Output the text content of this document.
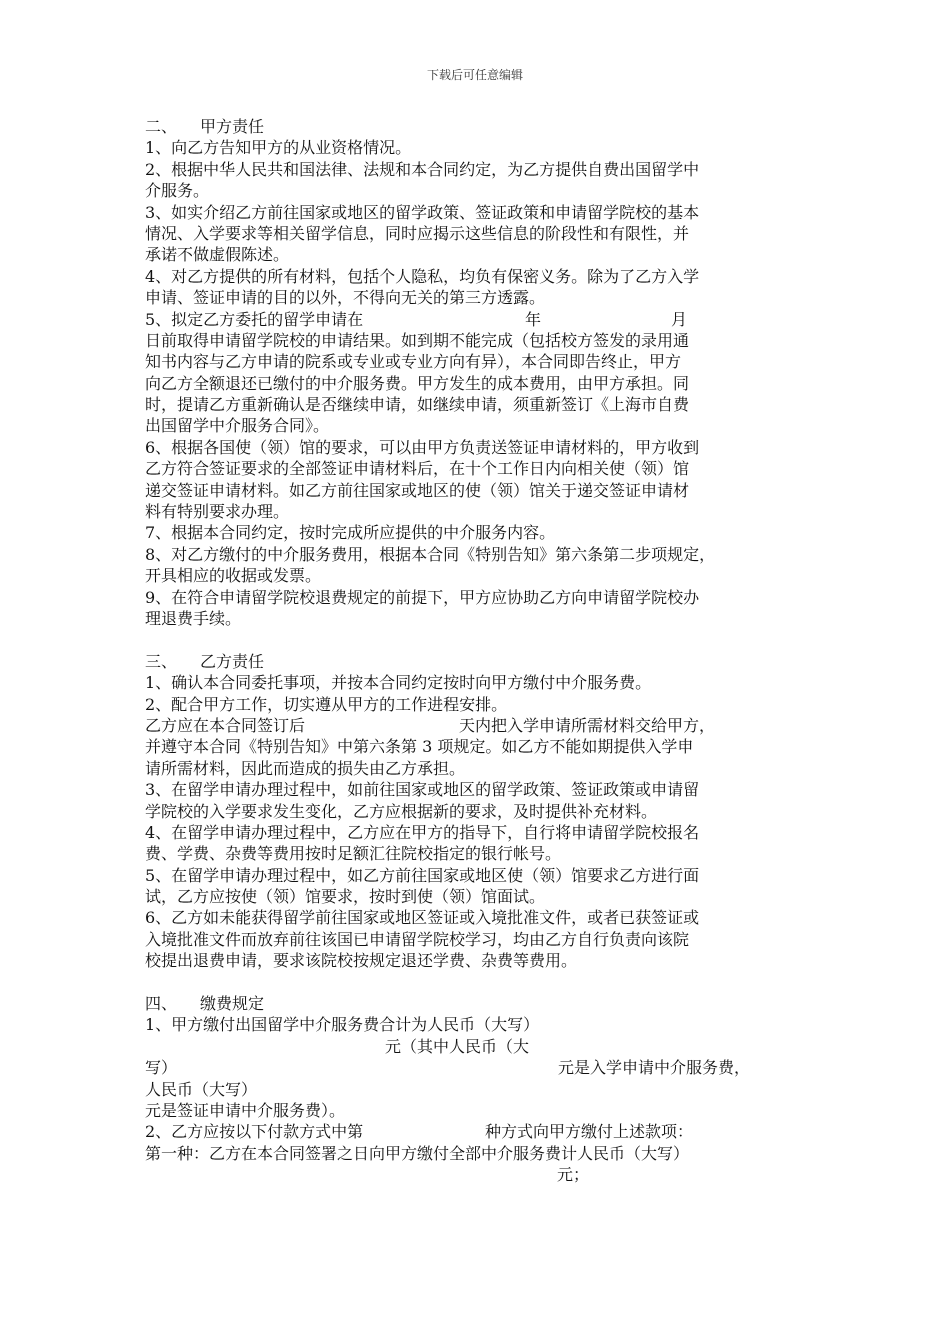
下载后可任意编辑
二、 甲方责任
1、向乙方告知甲方的从业资格情况。
2、根据中华人民共和国法律、法规和本合同约定，为乙方提供自费出国留学中
介服务。
3、如实介绍乙方前往国家或地区的留学政策、签证政策和申请留学院校的基本
情况、入学要求等相关留学信息，同时应揭示这些信息的阶段性和有限性，并
承诺不做虚假陈述。
4、对乙方提供的所有材料，包括个人隐私，均负有保密义务。除为了乙方入学
申请、签证申请的目的以外，不得向无关的第三方透露。
5、拟定乙方委托的留学申请在	年	月
日前取得申请留学院校的申请结果。如到期不能完成（包括校方签发的录用通
知书内容与乙方申请的院系或专业或专业方向有异），本合同即告终止，甲方
向乙方全额退还已缴付的中介服务费。甲方发生的成本费用，由甲方承担。同
时，提请乙方重新确认是否继续申请，如继续申请，须重新签订《上海市自费
出国留学中介服务合同》。
6、根据各国使（领）馆的要求，可以由甲方负责送签证申请材料的，甲方收到
乙方符合签证要求的全部签证申请材料后，在十个工作日内向相关使（领）馆
递交签证申请材料。如乙方前往国家或地区的使（领）馆关于递交签证申请材
料有特别要求办理。
7、根据本合同约定，按时完成所应提供的中介服务内容。
8、对乙方缴付的中介服务费用，根据本合同《特别告知》第六条第二步项规定，
开具相应的收据或发票。
9、在符合申请留学院校退费规定的前提下，甲方应协助乙方向申请留学院校办
理退费手续。
三、 乙方责任
1、确认本合同委托事项，并按本合同约定按时向甲方缴付中介服务费。
2、配合甲方工作，切实遵从甲方的工作进程安排。
乙方应在本合同签订后	天内把入学申请所需材料交给甲方，
并遵守本合同《特别告知》中第六条第 3 项规定。如乙方不能如期提供入学申
请所需材料，因此而造成的损失由乙方承担。
3、在留学申请办理过程中，如前往国家或地区的留学政策、签证政策或申请留
学院校的入学要求发生变化，乙方应根据新的要求，及时提供补充材料。
4、在留学申请办理过程中，乙方应在甲方的指导下，自行将申请留学院校报名
费、学费、杂费等费用按时足额汇往院校指定的银行帐号。
5、在留学申请办理过程中，如乙方前往国家或地区使（领）馆要求乙方进行面
试，乙方应按使（领）馆要求，按时到使（领）馆面试。
6、乙方如未能获得留学前往国家或地区签证或入境批准文件，或者已获签证或
入境批准文件而放弃前往该国已申请留学院校学习，均由乙方自行负责向该院
校提出退费申请，要求该院校按规定退还学费、杂费等费用。
四、 缴费规定
1、甲方缴付出国留学中介服务费合计为人民币（大写）
元（其中人民币（大
写）	元是入学申请中介服务费，
人民币（大写）
元是签证申请中介服务费）。
2、乙方应按以下付款方式中第	种方式向甲方缴付上述款项：
第一种：乙方在本合同签署之日向甲方缴付全部中介服务费计人民币（大写）
元；
